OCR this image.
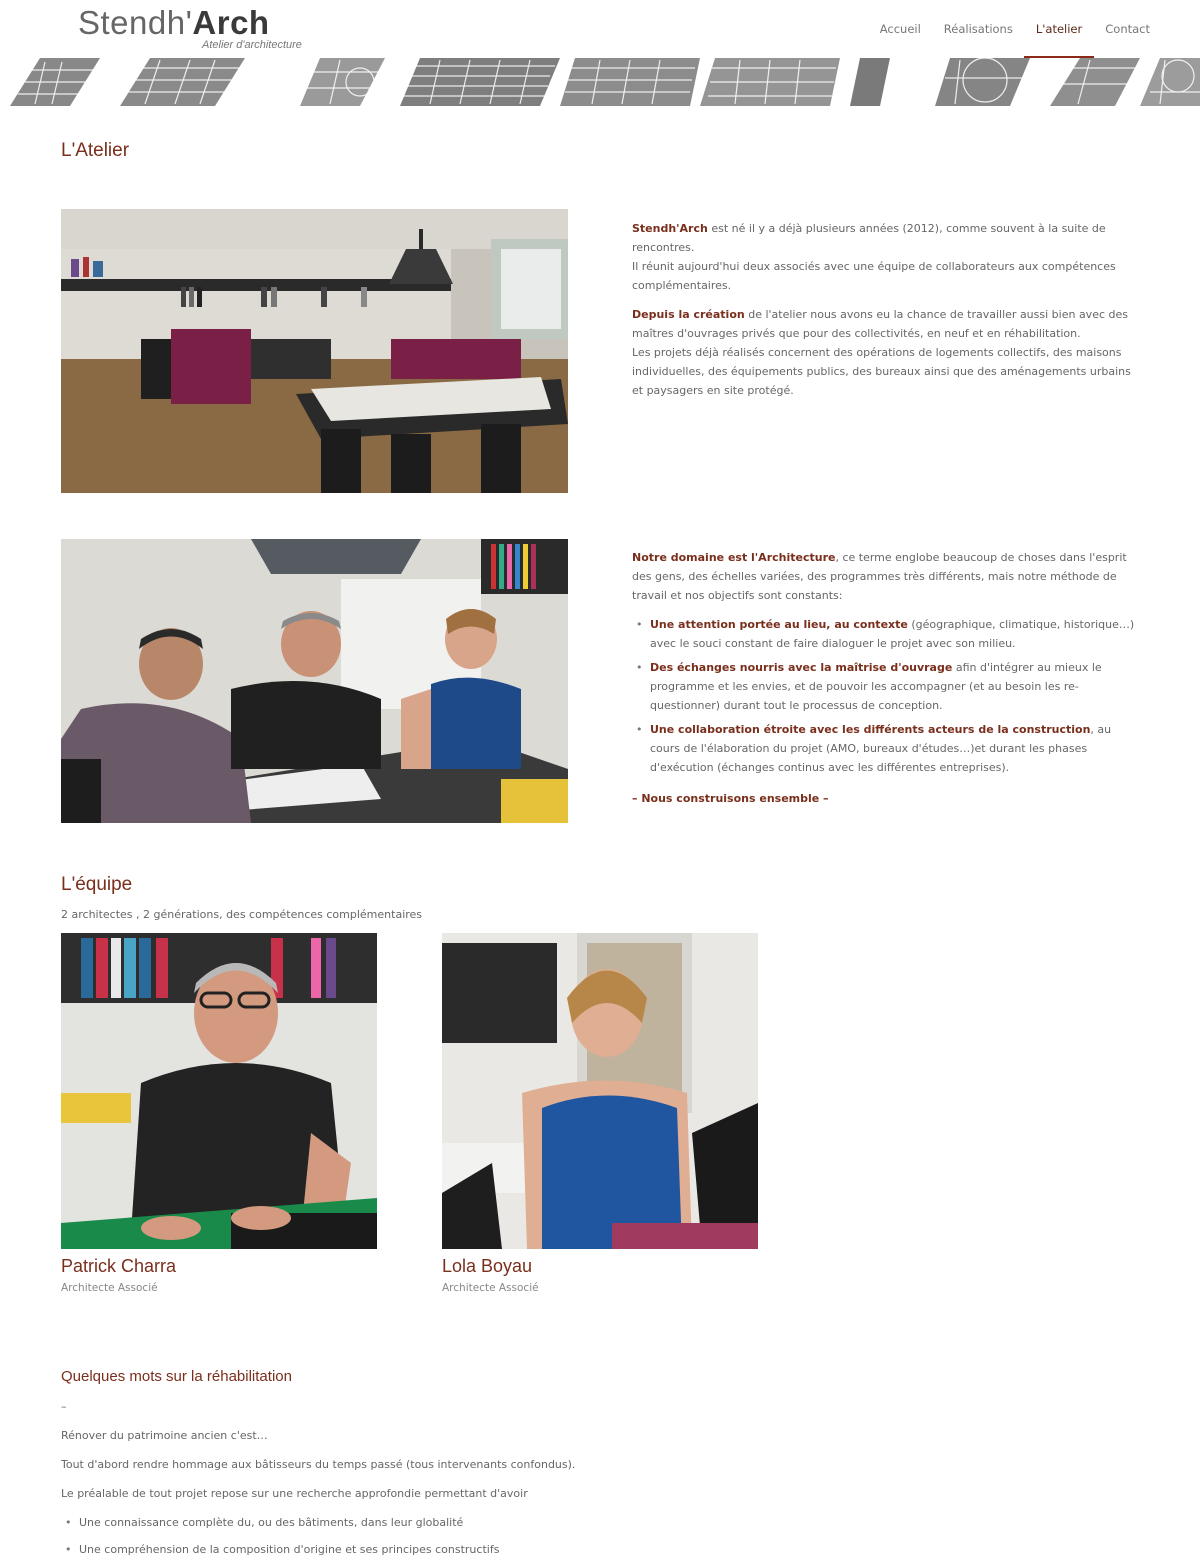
Stendh'Arch
Atelier d'architecture
Accueil Réalisations L'atelier Contact
L'Atelier

Stendh'Arch est né il y a déjà plusieurs années (2012), comme souvent à la suite de rencontres.
Il réunit aujourd'hui deux associés avec une équipe de collaborateurs aux compétences complémentaires.

Depuis la création de l'atelier nous avons eu la chance de travailler aussi bien avec des maîtres d'ouvrages privés que pour des collectivités, en neuf et en réhabilitation.
Les projets déjà réalisés concernent des opérations de logements collectifs, des maisons individuelles, des équipements publics, des bureaux ainsi que des aménagements urbains et paysagers en site protégé.

Notre domaine est l'Architecture, ce terme englobe beaucoup de choses dans l'esprit des gens, des échelles variées, des programmes très différents, mais notre méthode de travail et nos objectifs sont constants:

• Une attention portée au lieu, au contexte (géographique, climatique, historique…) avec le souci constant de faire dialoguer le projet avec son milieu.
• Des échanges nourris avec la maîtrise d'ouvrage afin d'intégrer au mieux le programme et les envies, et de pouvoir les accompagner (et au besoin les re-questionner) durant tout le processus de conception.
• Une collaboration étroite avec les différents acteurs de la construction, au cours de l'élaboration du projet (AMO, bureaux d'études…)et durant les phases d'exécution (échanges continus avec les différentes entreprises).

– Nous construisons ensemble –

L'équipe
2 architectes , 2 générations, des compétences complémentaires
Patrick Charra
Architecte Associé
Lola Boyau
Architecte Associé
Quelques mots sur la réhabilitation

–

Rénover du patrimoine ancien c'est…

Tout d'abord rendre hommage aux bâtisseurs du temps passé (tous intervenants confondus).

Le préalable de tout projet repose sur une recherche approfondie permettant d'avoir

• Une connaissance complète du, ou des bâtiments, dans leur globalité
• Une compréhension de la composition d'origine et ses principes constructifs
